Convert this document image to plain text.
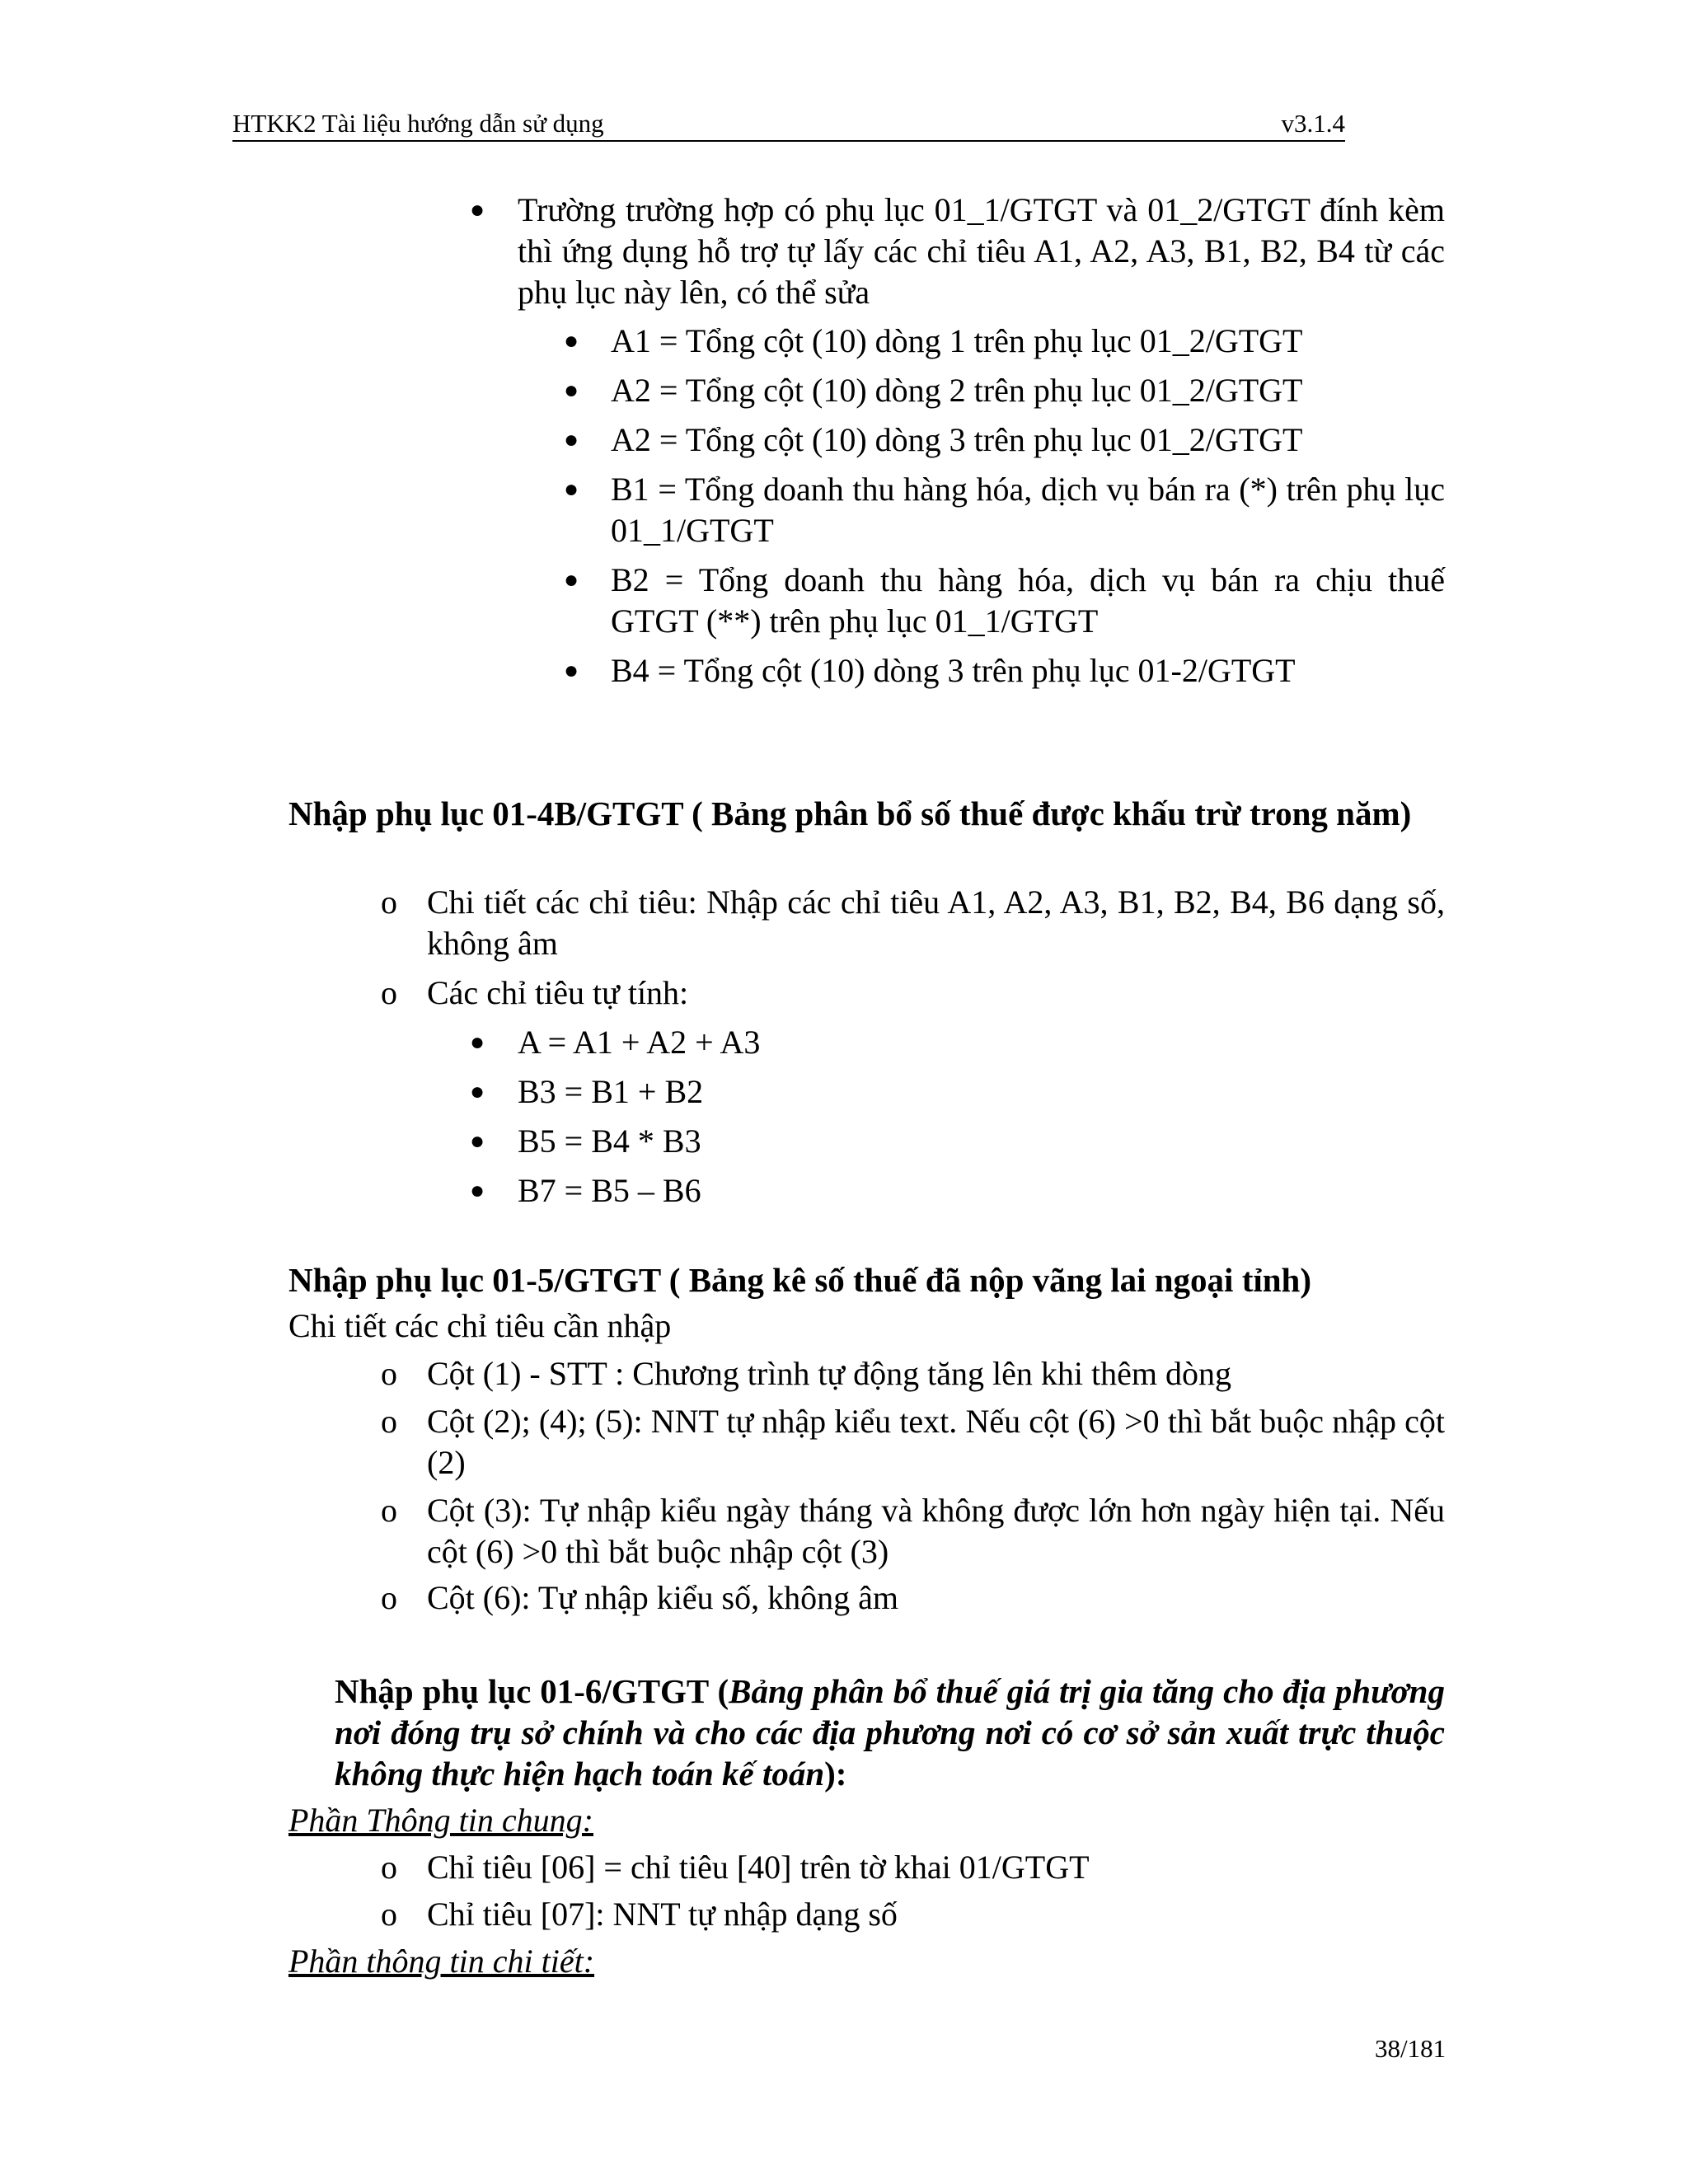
HTKK2 Tài liệu hướng dẫn sử dụng	v3.1.4
● Trường trường hợp có phụ lục 01_1/GTGT và 01_2/GTGT đính kèm thì ứng dụng hỗ trợ tự lấy các chỉ tiêu A1, A2, A3, B1, B2, B4 từ các phụ lục này lên, có thể sửa
● A1 = Tổng cột (10) dòng 1 trên phụ lục 01_2/GTGT
● A2 = Tổng cột (10) dòng 2 trên phụ lục 01_2/GTGT
● A2 = Tổng cột (10) dòng 3 trên phụ lục 01_2/GTGT
● B1 = Tổng doanh thu hàng hóa, dịch vụ bán ra (*) trên phụ lục 01_1/GTGT
● B2 = Tổng doanh thu hàng hóa, dịch vụ bán ra chịu thuế GTGT (**) trên phụ lục 01_1/GTGT
● B4 = Tổng cột (10) dòng 3 trên phụ lục 01-2/GTGT
Nhập phụ lục 01-4B/GTGT ( Bảng phân bổ số thuế được khấu trừ trong năm)
o Chi tiết các chỉ tiêu: Nhập các chỉ tiêu A1, A2, A3, B1, B2, B4, B6 dạng số, không âm
o Các chỉ tiêu tự tính:
● A = A1 + A2 + A3
● B3 = B1 + B2
● B5 = B4 * B3
● B7 = B5 – B6
Nhập phụ lục 01-5/GTGT ( Bảng kê số thuế đã nộp vãng lai ngoại tỉnh)
Chi tiết các chỉ tiêu cần nhập
o Cột (1) - STT : Chương trình tự động tăng lên khi thêm dòng
o Cột (2); (4); (5): NNT tự nhập kiểu text. Nếu cột (6) >0 thì bắt buộc nhập cột (2)
o Cột (3): Tự nhập kiểu ngày tháng và không được lớn hơn ngày hiện tại. Nếu cột (6) >0 thì bắt buộc nhập cột (3)
o Cột (6): Tự nhập kiểu số, không âm
Nhập phụ lục 01-6/GTGT (Bảng phân bổ thuế giá trị gia tăng cho địa phương nơi đóng trụ sở chính và cho các địa phương nơi có cơ sở sản xuất trực thuộc không thực hiện hạch toán kế toán):
Phần Thông tin chung:
o Chỉ tiêu [06] = chỉ tiêu [40] trên tờ khai 01/GTGT
o Chỉ tiêu [07]: NNT tự nhập dạng số
Phần thông tin chi tiết:
38/181
